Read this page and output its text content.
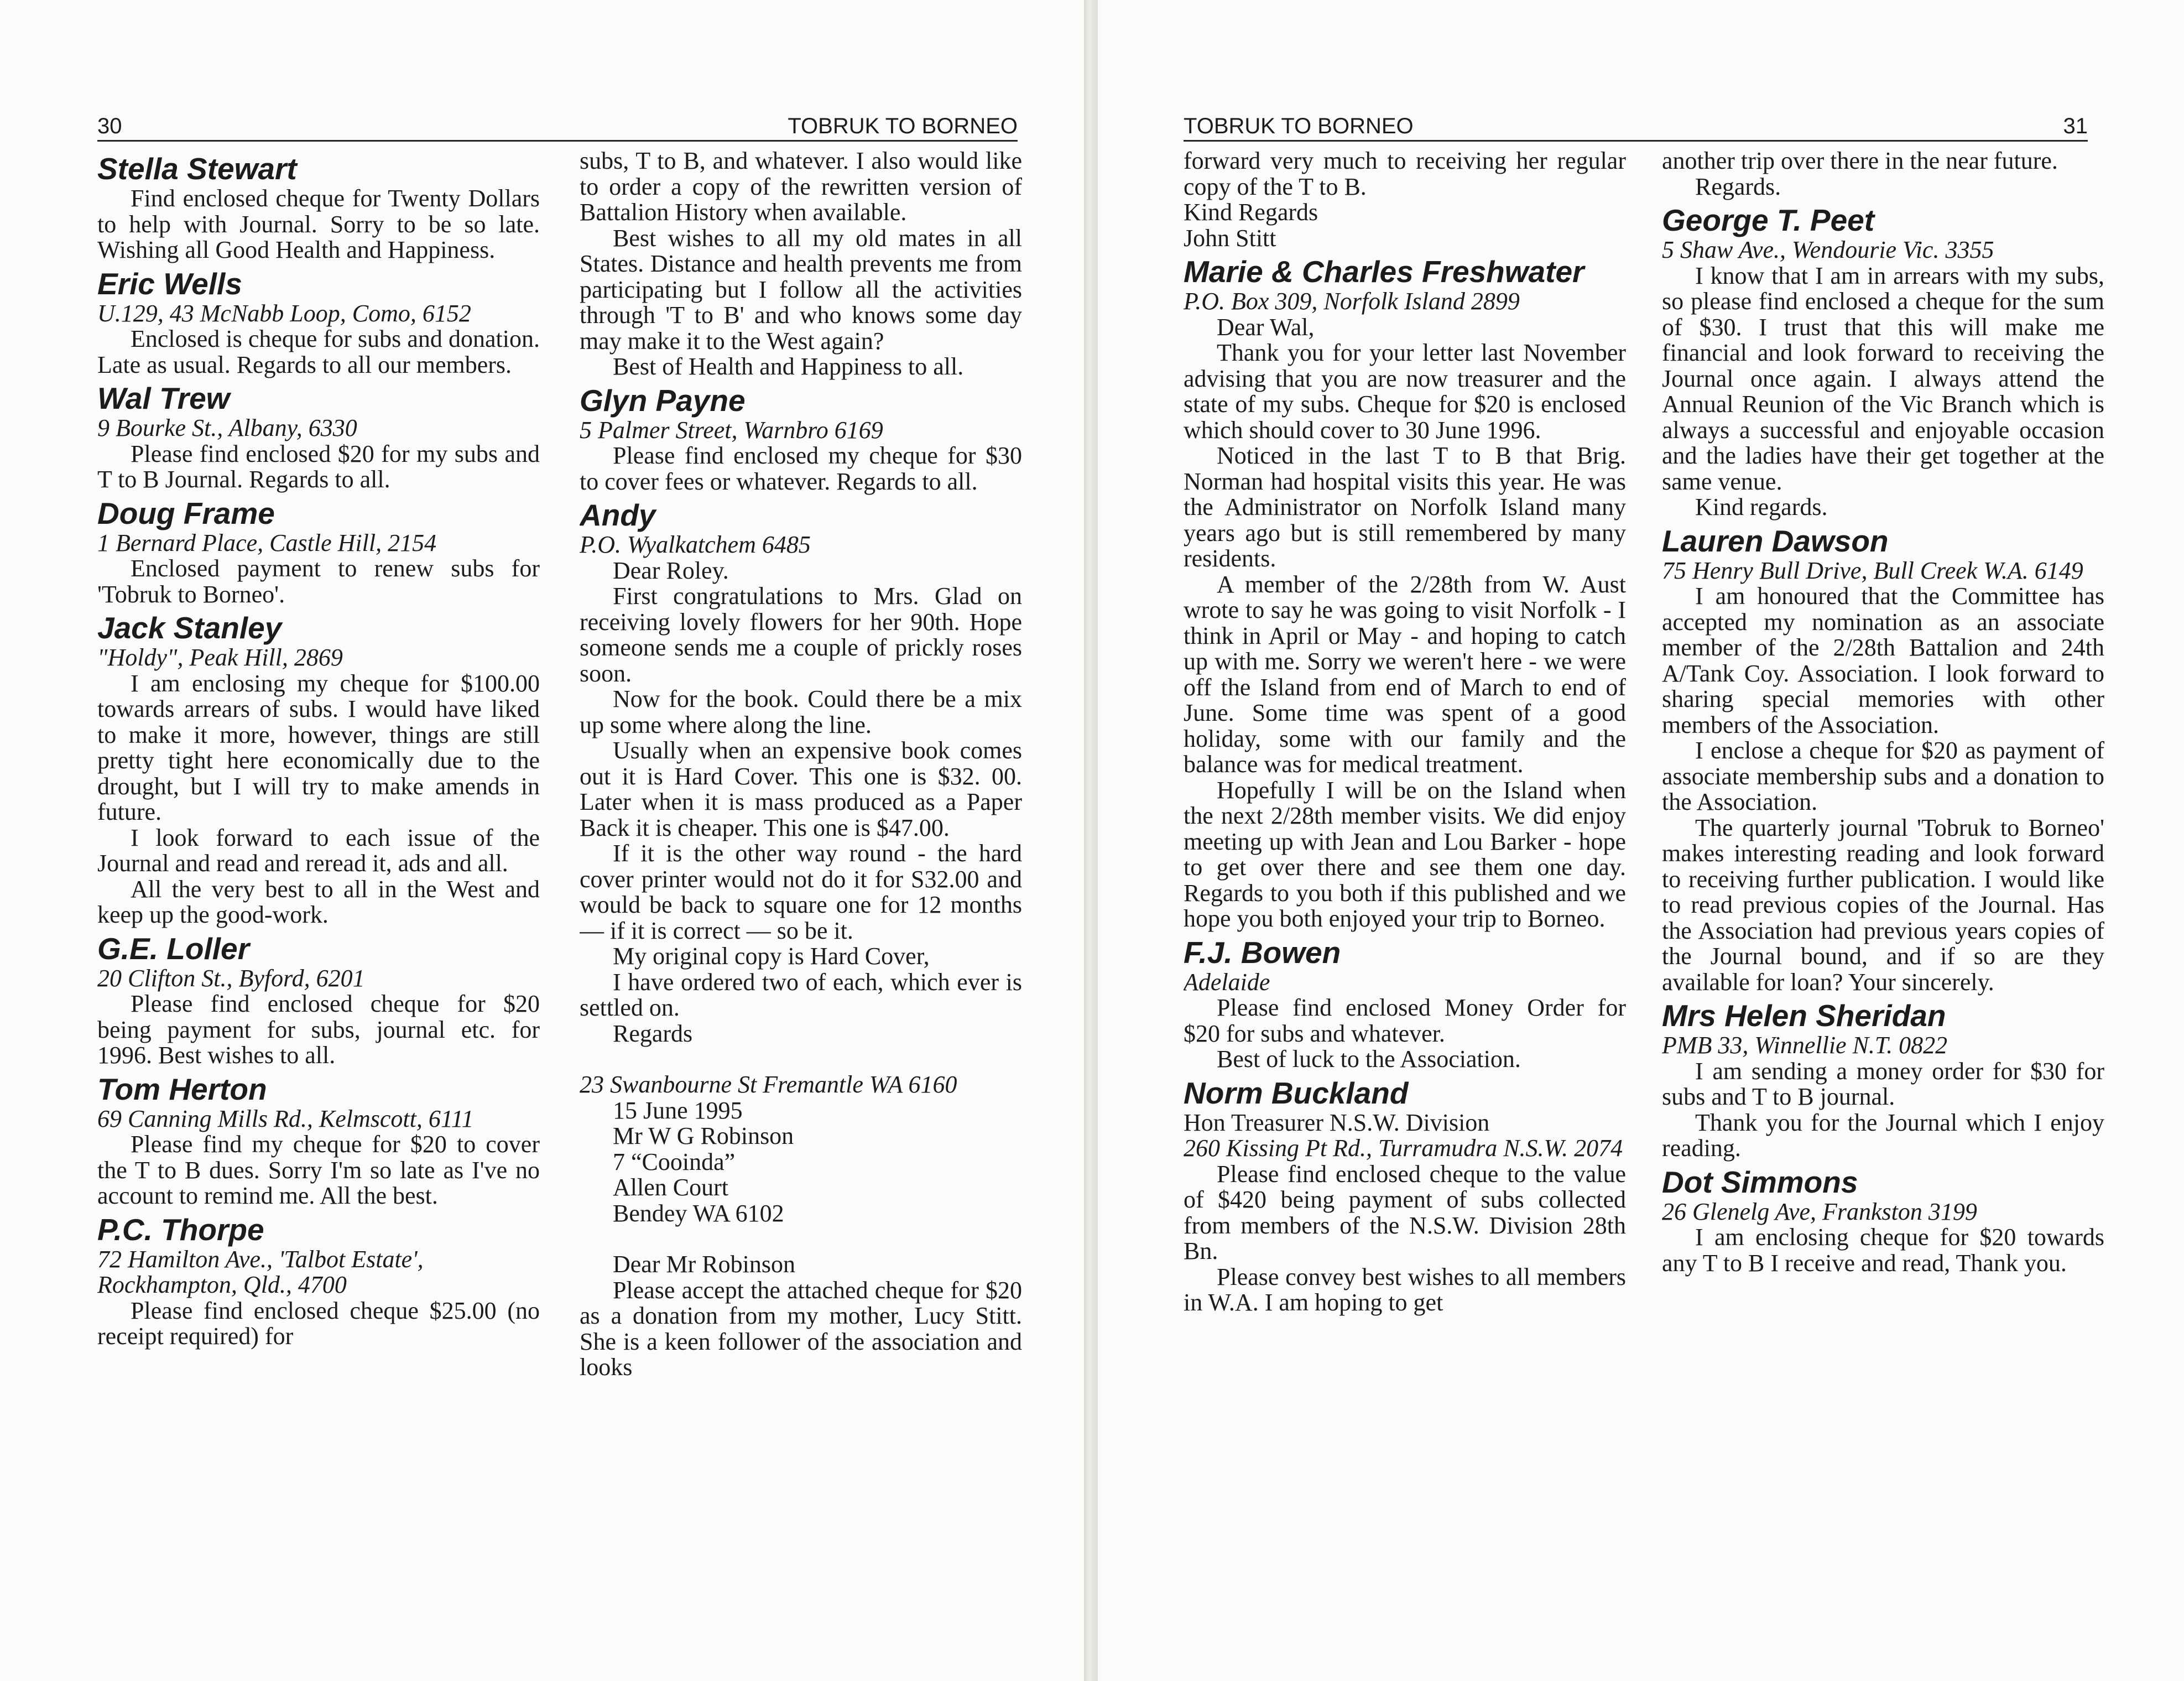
30	TOBRUK TO BORNEO
Stella Stewart
Find enclosed cheque for Twenty Dollars to help with Journal. Sorry to be so late. Wishing all Good Health and Happiness.
Eric Wells
U.129, 43 McNabb Loop, Como, 6152
Enclosed is cheque for subs and donation. Late as usual. Regards to all our members.
Wal Trew
9 Bourke St., Albany, 6330
Please find enclosed $20 for my subs and T to B Journal. Regards to all.
Doug Frame
1 Bernard Place, Castle Hill, 2154
Enclosed payment to renew subs for 'Tobruk to Borneo'.
Jack Stanley
"Holdy", Peak Hill, 2869
I am enclosing my cheque for $100.00 towards arrears of subs. I would have liked to make it more, however, things are still pretty tight here economically due to the drought, but I will try to make amends in future.
I look forward to each issue of the Journal and read and reread it, ads and all.
All the very best to all in the West and keep up the good-work.
G.E. Loller
20 Clifton St., Byford, 6201
Please find enclosed cheque for $20 being payment for subs, journal etc. for 1996. Best wishes to all.
Tom Herton
69 Canning Mills Rd., Kelmscott, 6111
Please find my cheque for $20 to cover the T to B dues. Sorry I'm so late as I've no account to remind me. All the best.
P.C. Thorpe
72 Hamilton Ave., 'Talbot Estate', Rockhampton, Qld., 4700
Please find enclosed cheque $25.00 (no receipt required) for
subs, T to B, and whatever. I also would like to order a copy of the rewritten version of Battalion History when available.
Best wishes to all my old mates in all States. Distance and health prevents me from participating but I follow all the activities through 'T to B' and who knows some day may make it to the West again?
Best of Health and Happiness to all.
Glyn Payne
5 Palmer Street, Warnbro 6169
Please find enclosed my cheque for $30 to cover fees or whatever. Regards to all.
Andy
P.O. Wyalkatchem 6485
Dear Roley.
First congratulations to Mrs. Glad on receiving lovely flowers for her 90th. Hope someone sends me a couple of prickly roses soon.
Now for the book. Could there be a mix up some where along the line.
Usually when an expensive book comes out it is Hard Cover. This one is $32. 00. Later when it is mass produced as a Paper Back it is cheaper. This one is $47.00.
If it is the other way round - the hard cover printer would not do it for S32.00 and would be back to square one for 12 months — if it is correct — so be it.
My original copy is Hard Cover,
I have ordered two of each, which ever is settled on.
Regards
23 Swanbourne St Fremantle WA 6160
15 June 1995
Mr W G Robinson
7 “Cooinda”
Allen Court
Bendey WA 6102
Dear Mr Robinson
Please accept the attached cheque for $20 as a donation from my mother, Lucy Stitt. She is a keen follower of the association and looks
TOBRUK TO BORNEO	31
forward very much to receiving her regular copy of the T to B.
Kind Regards
John Stitt
Marie & Charles Freshwater
P.O. Box 309, Norfolk Island 2899
Dear Wal,
Thank you for your letter last November advising that you are now treasurer and the state of my subs. Cheque for $20 is enclosed which should cover to 30 June 1996.
Noticed in the last T to B that Brig. Norman had hospital visits this year. He was the Administrator on Norfolk Island many years ago but is still remembered by many residents.
A member of the 2/28th from W. Aust wrote to say he was going to visit Norfolk - I think in April or May - and hoping to catch up with me. Sorry we weren't here - we were off the Island from end of March to end of June. Some time was spent of a good holiday, some with our family and the balance was for medical treatment.
Hopefully I will be on the Island when the next 2/28th member visits. We did enjoy meeting up with Jean and Lou Barker - hope to get over there and see them one day. Regards to you both if this published and we hope you both enjoyed your trip to Borneo.
F.J. Bowen
Adelaide
Please find enclosed Money Order for $20 for subs and whatever.
Best of luck to the Association.
Norm Buckland
Hon Treasurer N.S.W. Division
260 Kissing Pt Rd., Turramudra N.S.W. 2074
Please find enclosed cheque to the value of $420 being payment of subs collected from members of the N.S.W. Division 28th Bn.
Please convey best wishes to all members in W.A. I am hoping to get
another trip over there in the near future.
Regards.
George T. Peet
5 Shaw Ave., Wendourie Vic. 3355
I know that I am in arrears with my subs, so please find enclosed a cheque for the sum of $30. I trust that this will make me financial and look forward to receiving the Journal once again. I always attend the Annual Reunion of the Vic Branch which is always a successful and enjoyable occasion and the ladies have their get together at the same venue.
Kind regards.
Lauren Dawson
75 Henry Bull Drive, Bull Creek W.A. 6149
I am honoured that the Committee has accepted my nomination as an associate member of the 2/28th Battalion and 24th A/Tank Coy. Association. I look forward to sharing special memories with other members of the Association.
I enclose a cheque for $20 as payment of associate membership subs and a donation to the Association.
The quarterly journal 'Tobruk to Borneo' makes interesting reading and look forward to receiving further publication. I would like to read previous copies of the Journal. Has the Association had previous years copies of the Journal bound, and if so are they available for loan? Your sincerely.
Mrs Helen Sheridan
PMB 33, Winnellie N.T. 0822
I am sending a money order for $30 for subs and T to B journal.
Thank you for the Journal which I enjoy reading.
Dot Simmons
26 Glenelg Ave, Frankston 3199
I am enclosing cheque for $20 towards any T to B I receive and read, Thank you.
